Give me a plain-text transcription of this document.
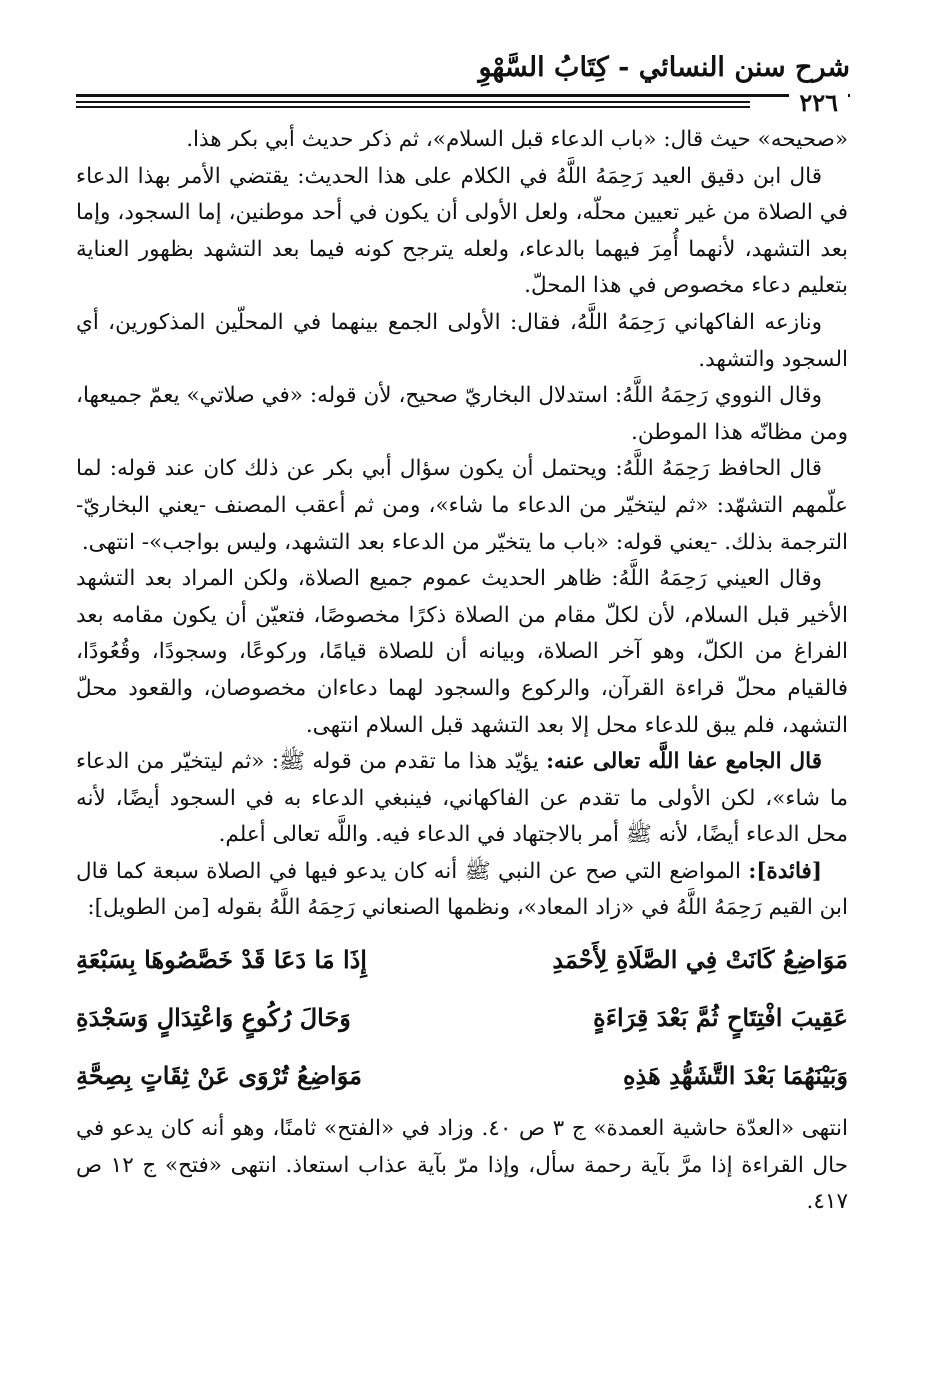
شرح سنن النسائي - كِتَابُ السَّهْوِ
٢٢٦

«صحيحه» حيث قال: «باب الدعاء قبل السلام»، ثم ذكر حديث أبي بكر هذا.

قال ابن دقيق العيد رَحِمَهُ اللَّهُ في الكلام على هذا الحديث: يقتضي الأمر بهذا الدعاء في الصلاة من غير تعيين محلّه، ولعل الأولى أن يكون في أحد موطنين، إما السجود، وإما بعد التشهد، لأنهما أُمِرَ فيهما بالدعاء، ولعله يترجح كونه فيما بعد التشهد بظهور العناية بتعليم دعاء مخصوص في هذا المحلّ.

ونازعه الفاكهاني رَحِمَهُ اللَّهُ، فقال: الأولى الجمع بينهما في المحلّين المذكورين، أي السجود والتشهد.

وقال النووي رَحِمَهُ اللَّهُ: استدلال البخاريّ صحيح، لأن قوله: «في صلاتي» يعمّ جميعها، ومن مظانّه هذا الموطن.

قال الحافظ رَحِمَهُ اللَّهُ: ويحتمل أن يكون سؤال أبي بكر عن ذلك كان عند قوله: لما علّمهم التشهّد: «ثم ليتخيّر من الدعاء ما شاء»، ومن ثم أعقب المصنف -يعني البخاريّ- الترجمة بذلك. -يعني قوله: «باب ما يتخيّر من الدعاء بعد التشهد، وليس بواجب»- انتهى.

وقال العيني رَحِمَهُ اللَّهُ: ظاهر الحديث عموم جميع الصلاة، ولكن المراد بعد التشهد الأخير قبل السلام، لأن لكلّ مقام من الصلاة ذكرًا مخصوصًا، فتعيّن أن يكون مقامه بعد الفراغ من الكلّ، وهو آخر الصلاة، وبيانه أن للصلاة قيامًا، وركوعًا، وسجودًا، وقُعُودًا، فالقيام محلّ قراءة القرآن، والركوع والسجود لهما دعاءان مخصوصان، والقعود محلّ التشهد، فلم يبق للدعاء محل إلا بعد التشهد قبل السلام انتهى.

قال الجامع عفا اللَّه تعالى عنه: يؤيّد هذا ما تقدم من قوله ﷺ: «ثم ليتخيّر من الدعاء ما شاء»، لكن الأولى ما تقدم عن الفاكهاني، فينبغي الدعاء به في السجود أيضًا، لأنه محل الدعاء أيضًا، لأنه ﷺ أمر بالاجتهاد في الدعاء فيه. واللَّه تعالى أعلم.

[فائدة]: المواضع التي صح عن النبي ﷺ أنه كان يدعو فيها في الصلاة سبعة كما قال ابن القيم رَحِمَهُ اللَّهُ في «زاد المعاد»، ونظمها الصنعاني رَحِمَهُ اللَّهُ بقوله [من الطويل]:

مَوَاضِعُ كَانَتْ فِي الصَّلَاةِ لِأَحْمَدِ
إِذَا مَا دَعَا قَدْ خَصَّصُوهَا بِسَبْعَةِ
عَقِيبَ افْتِتَاحٍ ثُمَّ بَعْدَ قِرَاءَةٍ
وَحَالَ رُكُوعٍ وَاعْتِدَالٍ وَسَجْدَةِ
وَبَيْنَهُمَا بَعْدَ التَّشَهُّدِ هَذِهِ
مَوَاضِعُ تُرْوَى عَنْ ثِقَاتٍ بِصِحَّةِ

انتهى «العدّة حاشية العمدة» ج ٣ ص ٤٠. وزاد في «الفتح» ثامنًا، وهو أنه كان يدعو في حال القراءة إذا مرَّ بآية رحمة سأل، وإذا مرّ بآية عذاب استعاذ. انتهى «فتح» ج ١٢ ص ٤١٧.
